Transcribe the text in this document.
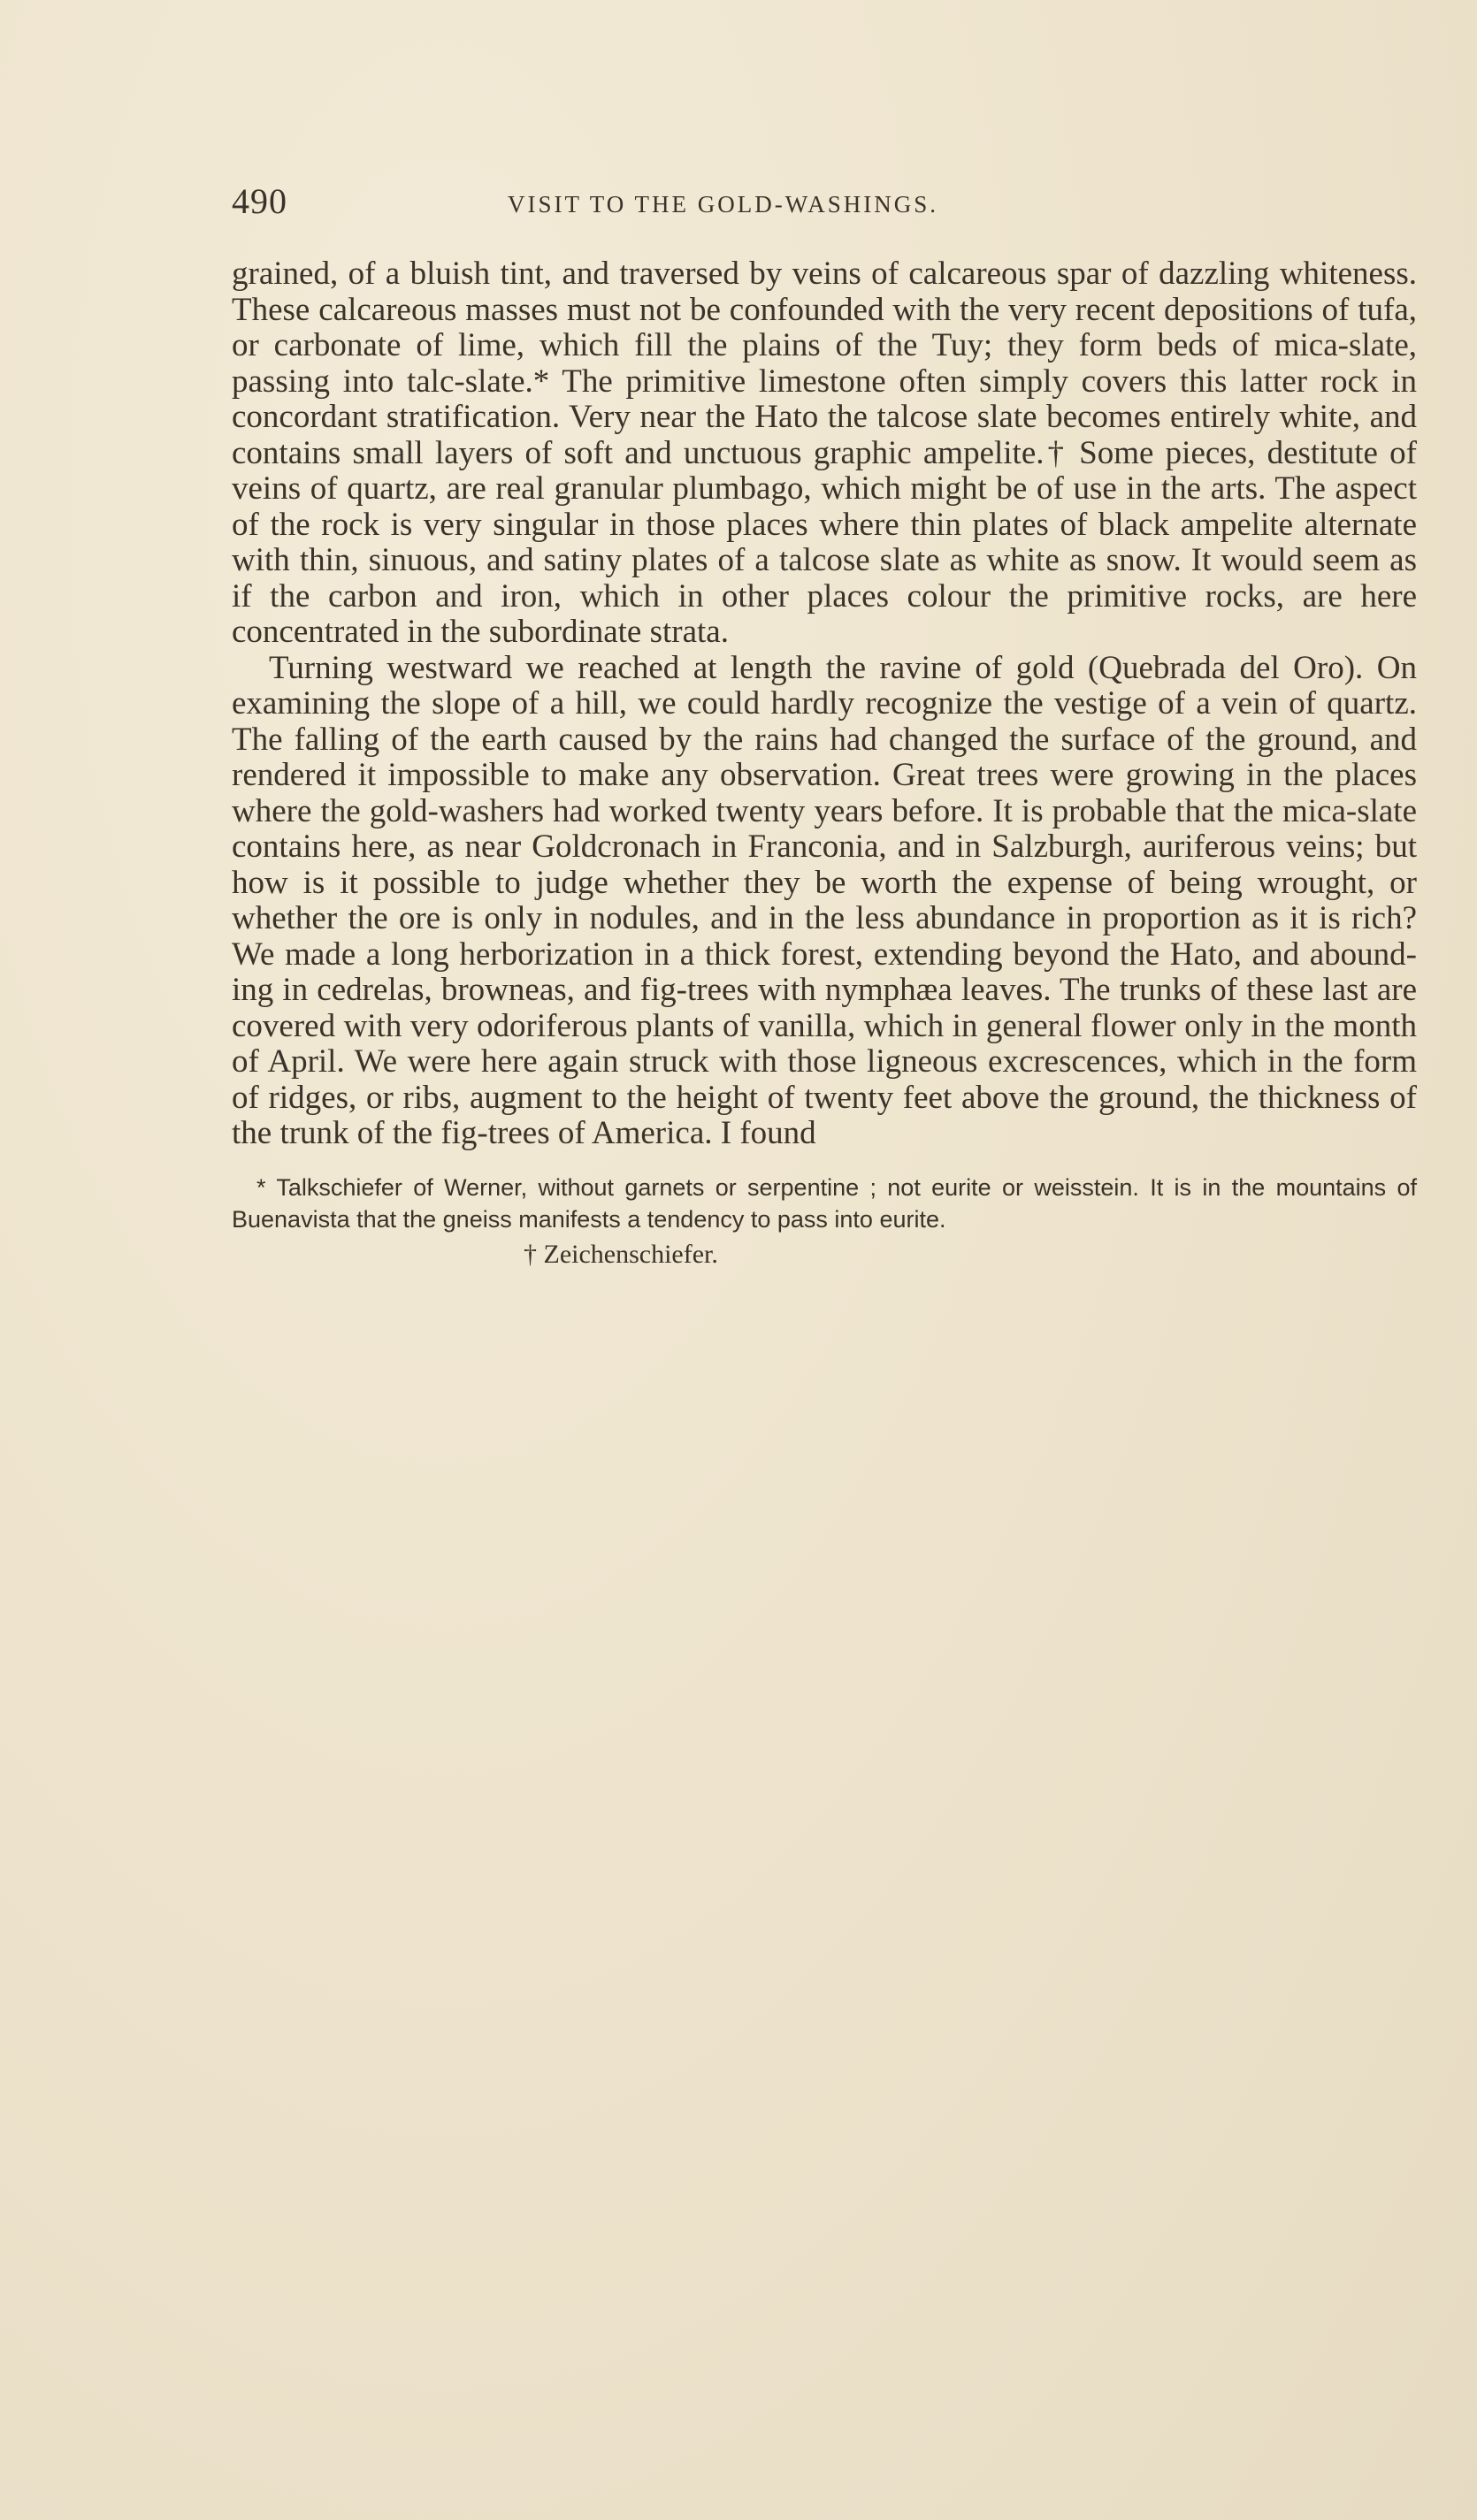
490	VISIT TO THE GOLD-WASHINGS.

grained, of a bluish tint, and traversed by veins of calcareous spar of dazzling whiteness. These calcareous masses must not be confounded with the very recent depositions of tufa, or carbonate of lime, which fill the plains of the Tuy; they form beds of mica-slate, passing into talc-slate.* The primitive limestone often simply covers this latter rock in concordant stratification. Very near the Hato the talcose slate becomes entirely white, and contains small layers of soft and unctuous graphic ampelite.† Some pieces, destitute of veins of quartz, are real granular plumbago, which might be of use in the arts. The aspect of the rock is very singular in those places where thin plates of black ampelite alternate with thin, sinuous, and satiny plates of a talcose slate as white as snow. It would seem as if the carbon and iron, which in other places colour the primitive rocks, are here concentrated in the subordinate strata.

Turning westward we reached at length the ravine of gold (Quebrada del Oro). On examining the slope of a hill, we could hardly recognize the vestige of a vein of quartz. The falling of the earth caused by the rains had changed the surface of the ground, and rendered it impossible to make any observation. Great trees were growing in the places where the gold-washers had worked twenty years before. It is probable that the mica-slate contains here, as near Goldcronach in Franconia, and in Salzburgh, auriferous veins; but how is it possible to judge whether they be worth the expense of being wrought, or whether the ore is only in nodules, and in the less abundance in proportion as it is rich? We made a long herborization in a thick forest, extending beyond the Hato, and abounding in cedrelas, browneas, and fig-trees with nymphæa leaves. The trunks of these last are covered with very odoriferous plants of vanilla, which in general flower only in the month of April. We were here again struck with those ligneous excrescences, which in the form of ridges, or ribs, augment to the height of twenty feet above the ground, the thickness of the trunk of the fig-trees of America. I found

* Talkschiefer of Werner, without garnets or serpentine ; not eurite or weisstein. It is in the mountains of Buenavista that the gneiss manifests a tendency to pass into eurite.

† Zeichenschiefer.
